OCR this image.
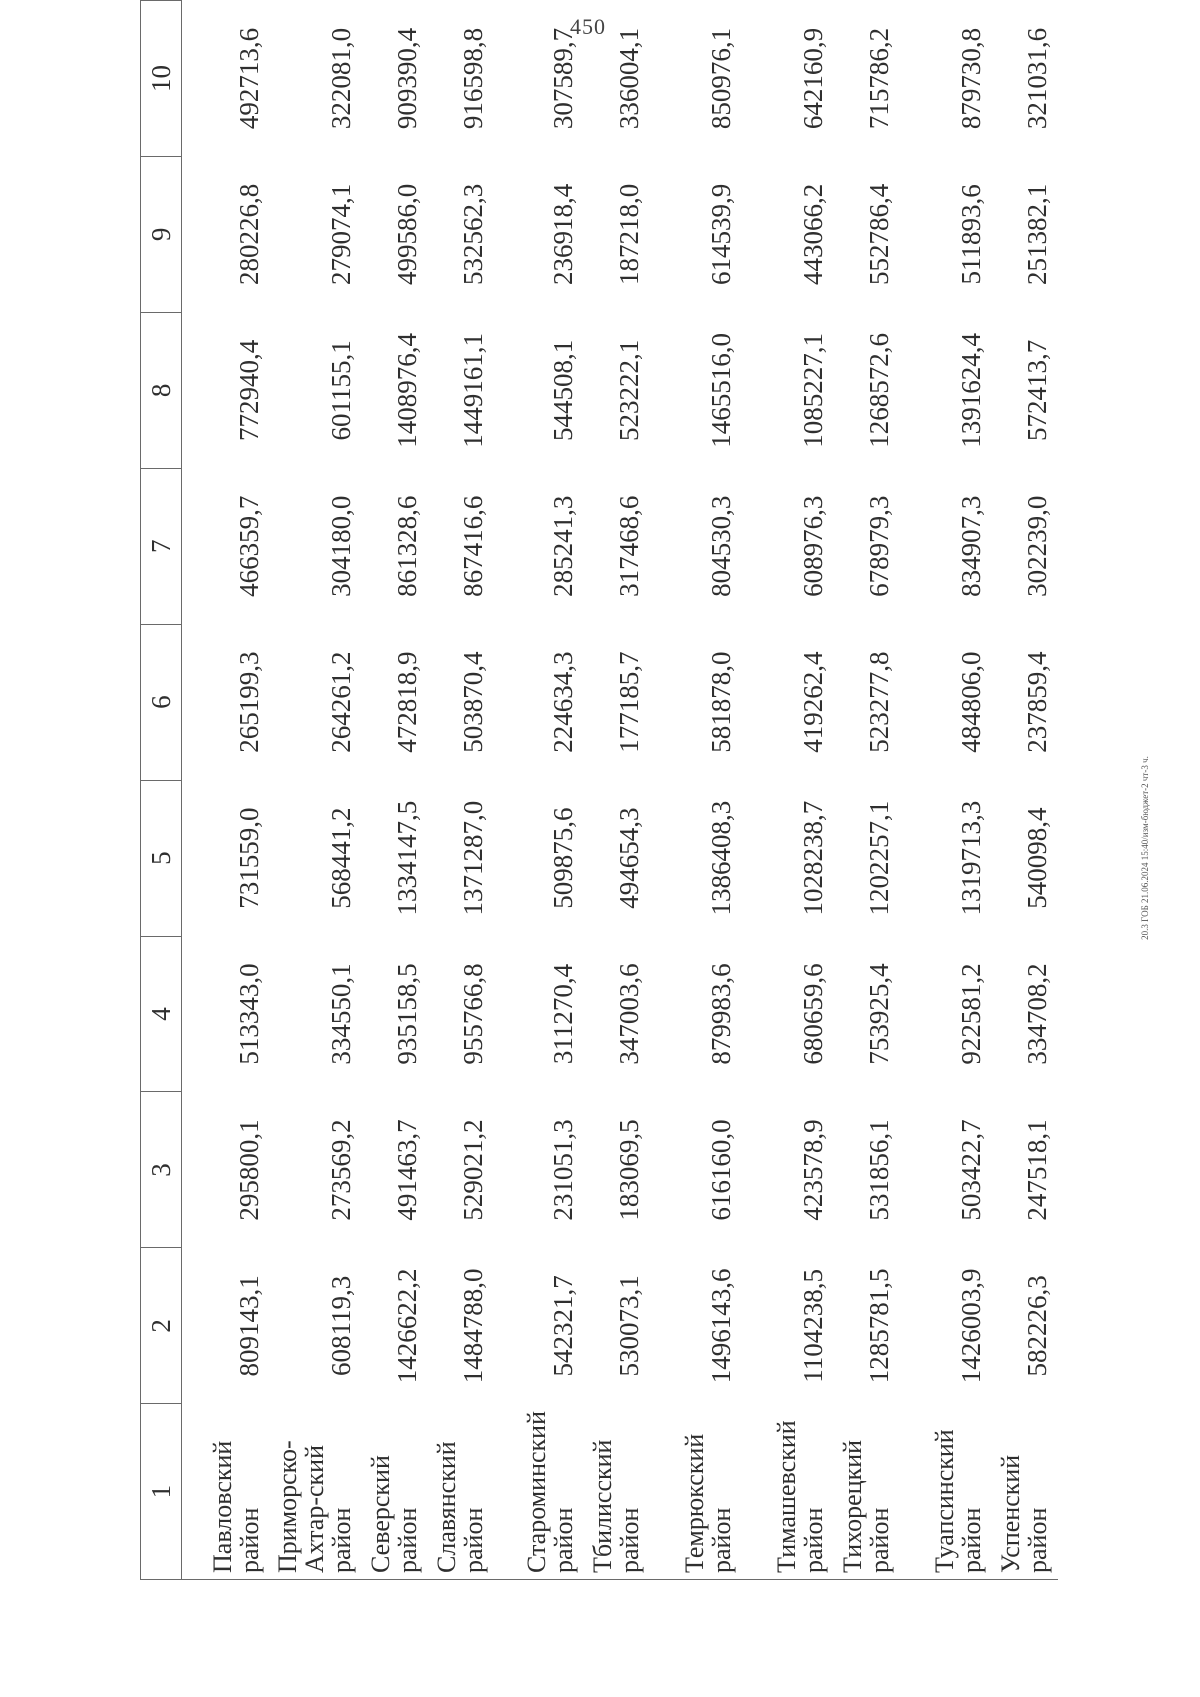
450
1	2	3	4	5	6	7	8	9	10
Павловский район	809143,1	295800,1	513343,0	731559,0	265199,3	466359,7	772940,4	280226,8	492713,6
Приморско-Ахтар-ский район	608119,3	273569,2	334550,1	568441,2	264261,2	304180,0	601155,1	279074,1	322081,0
Северский район	1426622,2	491463,7	935158,5	1334147,5	472818,9	861328,6	1408976,4	499586,0	909390,4
Славянский район	1484788,0	529021,2	955766,8	1371287,0	503870,4	867416,6	1449161,1	532562,3	916598,8
Староминский район	542321,7	231051,3	311270,4	509875,6	224634,3	285241,3	544508,1	236918,4	307589,7
Тбилисский район	530073,1	183069,5	347003,6	494654,3	177185,7	317468,6	523222,1	187218,0	336004,1
Темрюкский район	1496143,6	616160,0	879983,6	1386408,3	581878,0	804530,3	1465516,0	614539,9	850976,1
Тимашевский район	1104238,5	423578,9	680659,6	1028238,7	419262,4	608976,3	1085227,1	443066,2	642160,9
Тихорецкий район	1285781,5	531856,1	753925,4	1202257,1	523277,8	678979,3	1268572,6	552786,4	715786,2
Туапсинский район	1426003,9	503422,7	922581,2	1319713,3	484806,0	834907,3	1391624,4	511893,6	879730,8
Успенский район	582226,3	247518,1	334708,2	540098,4	237859,4	302239,0	572413,7	251382,1	321031,6
20.3 ГОБ 21.06.2024 15:40/изм-бюджет-2 чт-3 ч.
